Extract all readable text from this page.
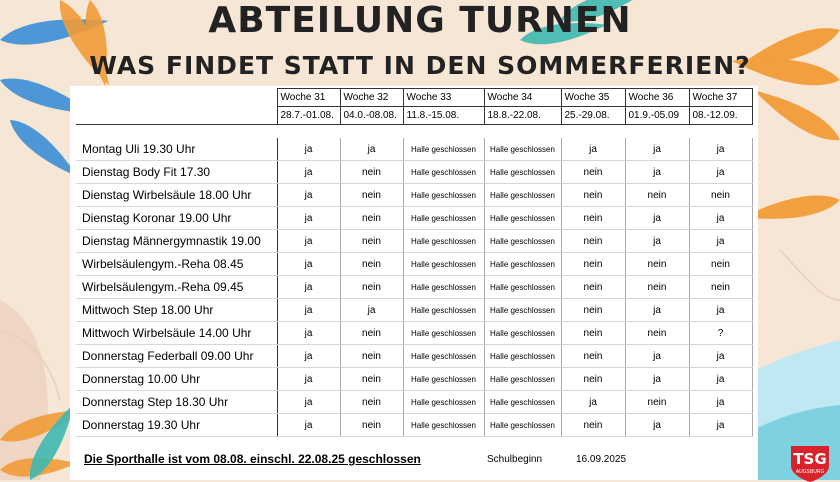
ABTEILUNG TURNEN
WAS FINDET STATT IN DEN SOMMERFERIEN?
	Woche 31	Woche 32	Woche 33	Woche 34	Woche 35	Woche 36	Woche 37
	28.7.-01.08.	04.0.-08.08.	11.8.-15.08.	18.8.-22.08.	25.-29.08.	01.9.-05.09	08.-12.09.

Montag Uli 19.30 Uhr	ja	ja	Halle geschlossen	Halle geschlossen	ja	ja	ja
Dienstag Body Fit 17.30	ja	nein	Halle geschlossen	Halle geschlossen	nein	ja	ja
Dienstag Wirbelsäule 18.00 Uhr	ja	nein	Halle geschlossen	Halle geschlossen	nein	nein	nein
Dienstag Koronar 19.00 Uhr	ja	nein	Halle geschlossen	Halle geschlossen	nein	ja	ja
Dienstag Männergymnastik 19.00	ja	nein	Halle geschlossen	Halle geschlossen	nein	ja	ja
Wirbelsäulengym.-Reha 08.45	ja	nein	Halle geschlossen	Halle geschlossen	nein	nein	nein
Wirbelsäulengym.-Reha 09.45	ja	nein	Halle geschlossen	Halle geschlossen	nein	nein	nein
Mittwoch Step 18.00 Uhr	ja	ja	Halle geschlossen	Halle geschlossen	nein	ja	ja
Mittwoch Wirbelsäule 14.00 Uhr	ja	nein	Halle geschlossen	Halle geschlossen	nein	nein	?
Donnerstag Federball 09.00 Uhr	ja	nein	Halle geschlossen	Halle geschlossen	nein	ja	ja
Donnerstag 10.00 Uhr	ja	nein	Halle geschlossen	Halle geschlossen	nein	ja	ja
Donnerstag Step 18.30 Uhr	ja	nein	Halle geschlossen	Halle geschlossen	ja	nein	ja
Donnerstag 19.30 Uhr	ja	nein	Halle geschlossen	Halle geschlossen	nein	ja	ja
Die Sporthalle ist vom 08.08. einschl. 22.08.25 geschlossen	Schulbeginn	16.09.2025	TSG
AUGSBURG
